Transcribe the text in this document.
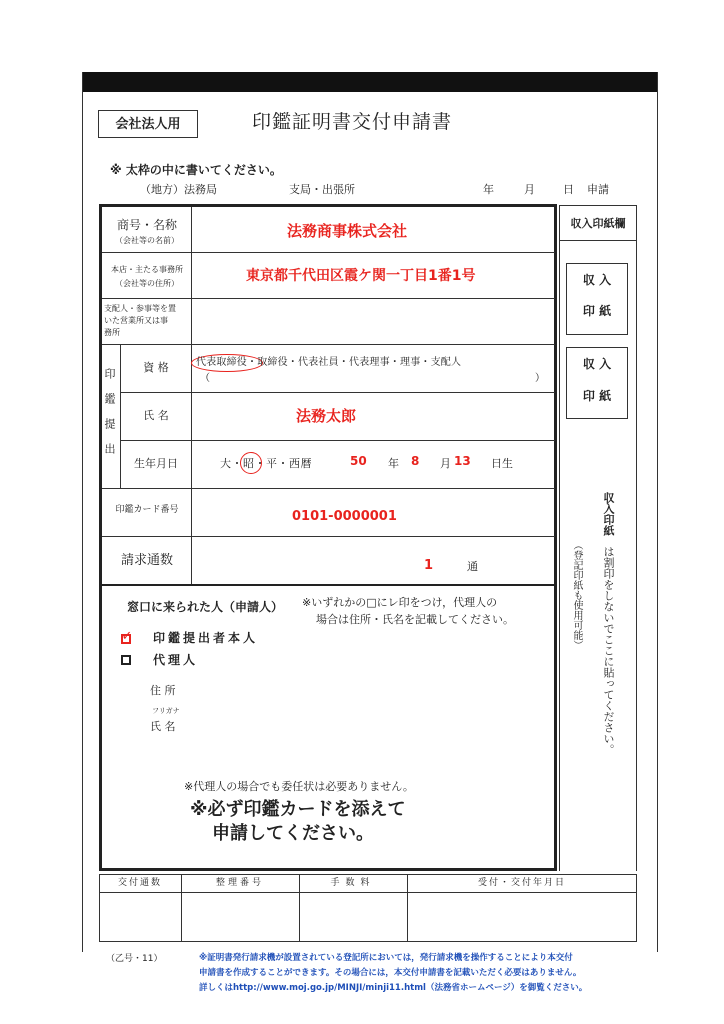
会社法人用	印鑑証明書交付申請書
※ 太枠の中に書いてください。
（地方）法務局	支局・出張所	年	月	日 申請
商号・名称
（会社等の名前）
法務商事株式会社
本店・主たる事務所
（会社等の住所）	東京都千代田区霞ケ関一丁目1番1号
支配人・参事等を置
いた営業所又は事
務所
印鑑提出
資 格	代表取締役・取締役・代表社員・代表理事・理事・支配人
（	）
氏 名	法務太郎
生年月日	大・昭・平・西暦	50 年 8 月 13 日生
印鑑カード番号	0101-0000001
請求通数	1	通
窓口に来られた人（申請人） ※いずれかの□にレ印をつけ，代理人の
場合は住所・氏名を記載してください。
✓ 印鑑提出者本人
代理人
住 所
フリガナ
氏 名
※代理人の場合でも委任状は必要ありません。
※必ず印鑑カードを添えて
申請してください。
収入印紙欄
収 入
印 紙
収 入
印 紙
収入印紙
は割印をしないでここに貼ってください。
（登記印紙も使用可能）
交付通数	整理番号	手数料	受付・交付年月日
（乙号・11）	※証明書発行請求機が設置されている登記所においては，発行請求機を操作することにより本交付
申請書を作成することができます。その場合には，本交付申請書を記載いただく必要はありません。
詳しくはhttp://www.moj.go.jp/MINJI/minji11.html（法務省ホームページ）を御覧ください。
